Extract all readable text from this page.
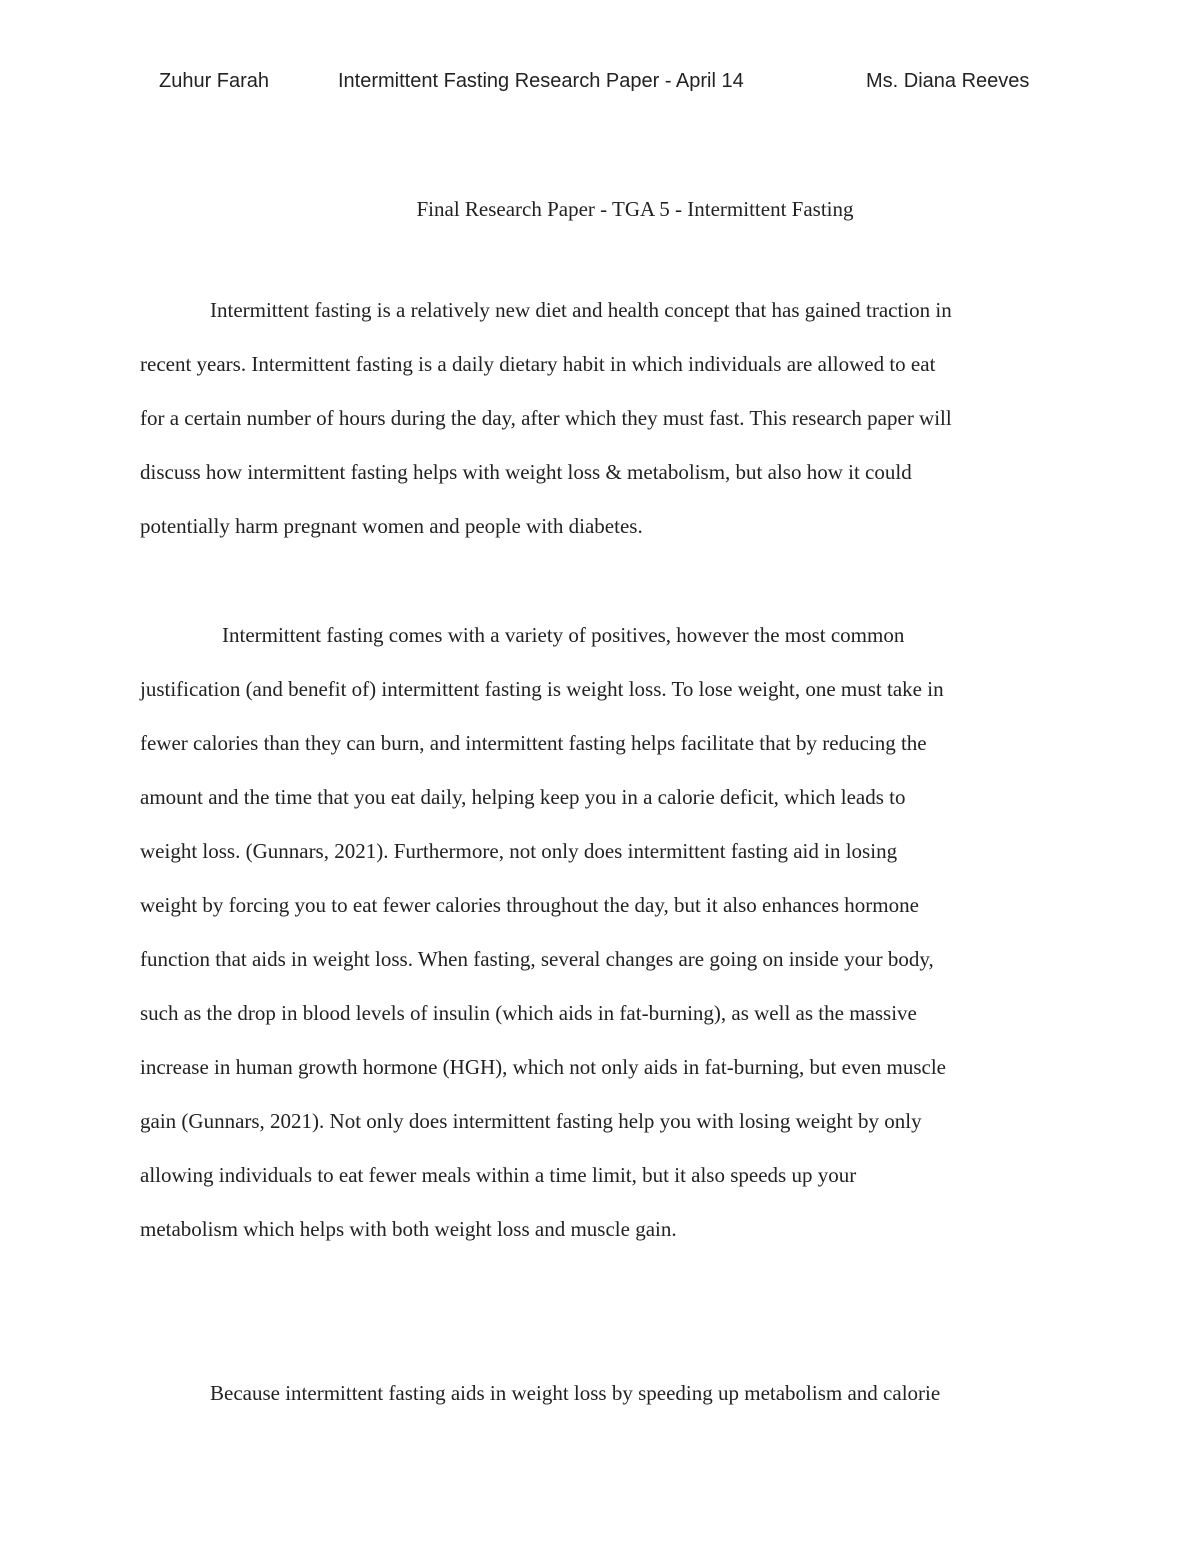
Zuhur Farah	Intermittent Fasting Research Paper - April 14	Ms. Diana Reeves
Final Research Paper - TGA 5 - Intermittent Fasting
Intermittent fasting is a relatively new diet and health concept that has gained traction in
recent years. Intermittent fasting is a daily dietary habit in which individuals are allowed to eat
for a certain number of hours during the day, after which they must fast. This research paper will
discuss how intermittent fasting helps with weight loss & metabolism, but also how it could
potentially harm pregnant women and people with diabetes.
Intermittent fasting comes with a variety of positives, however the most common
justification (and benefit of) intermittent fasting is weight loss. To lose weight, one must take in
fewer calories than they can burn, and intermittent fasting helps facilitate that by reducing the
amount and the time that you eat daily, helping keep you in a calorie deficit, which leads to
weight loss. (Gunnars, 2021). Furthermore, not only does intermittent fasting aid in losing
weight by forcing you to eat fewer calories throughout the day, but it also enhances hormone
function that aids in weight loss. When fasting, several changes are going on inside your body,
such as the drop in blood levels of insulin (which aids in fat-burning), as well as the massive
increase in human growth hormone (HGH), which not only aids in fat-burning, but even muscle
gain (Gunnars, 2021). Not only does intermittent fasting help you with losing weight by only
allowing individuals to eat fewer meals within a time limit, but it also speeds up your
metabolism which helps with both weight loss and muscle gain.
Because intermittent fasting aids in weight loss by speeding up metabolism and calorie
